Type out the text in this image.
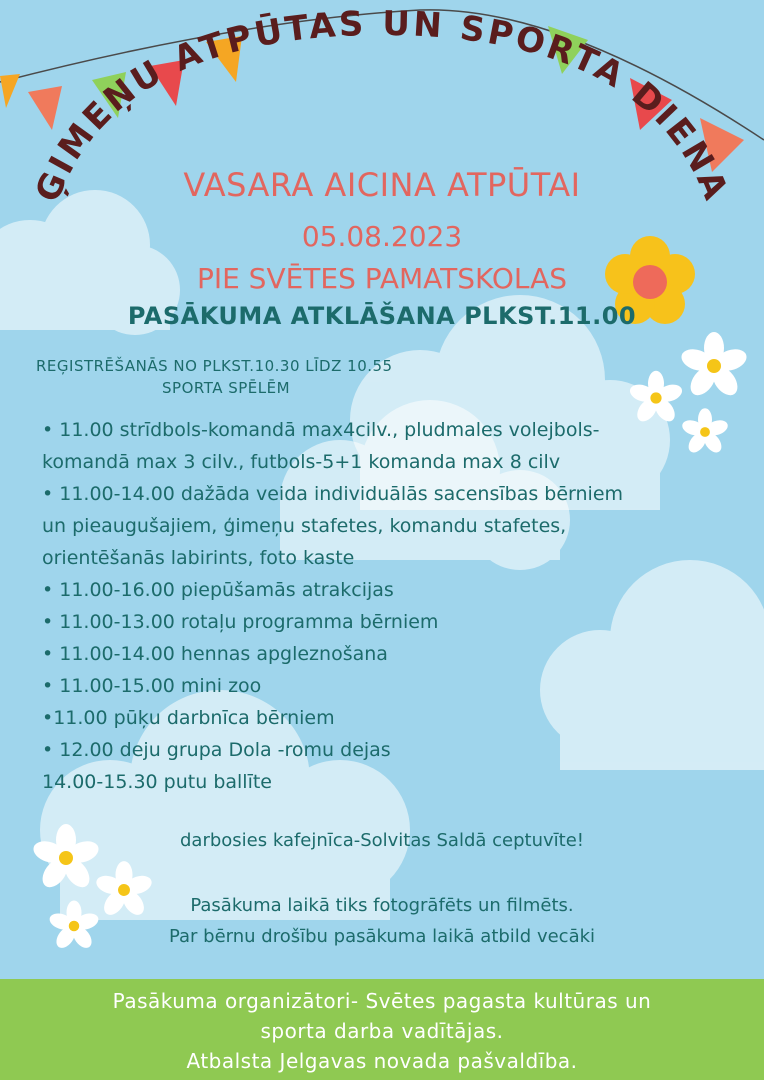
ĢIMEŅU ATPŪTAS UN SPORTA DIENA
VASARA AICINA ATPŪTAI
05.08.2023
PIE SVĒTES PAMATSKOLAS
PASĀKUMA ATKLĀŠANA PLKST.11.00
REĢISTRĒŠANĀS NO PLKST.10.30 LĪDZ 10.55
SPORTA SPĒLĒM
• 11.00 strīdbols-komandā max4cilv., pludmales volejbols-
komandā max 3 cilv., futbols-5+1 komanda max 8 cilv
• 11.00-14.00 dažāda veida individuālās sacensības bērniem
un pieaugušajiem, ģimeņu stafetes, komandu stafetes,
orientēšanās labirints, foto kaste
• 11.00-16.00 piepūšamās atrakcijas
• 11.00-13.00 rotaļu programma bērniem
• 11.00-14.00 hennas apgleznošana
• 11.00-15.00 mini zoo
•11.00 pūķu darbnīca bērniem
• 12.00 deju grupa Dola -romu dejas
14.00-15.30 putu ballīte
darbosies kafejnīca-Solvitas Saldā ceptuvīte!
Pasākuma laikā tiks fotogrāfēts un filmēts.
Par bērnu drošību pasākuma laikā atbild vecāki
Pasākuma organizātori- Svētes pagasta kultūras un
sporta darba vadītājas.
Atbalsta Jelgavas novada pašvaldība.
